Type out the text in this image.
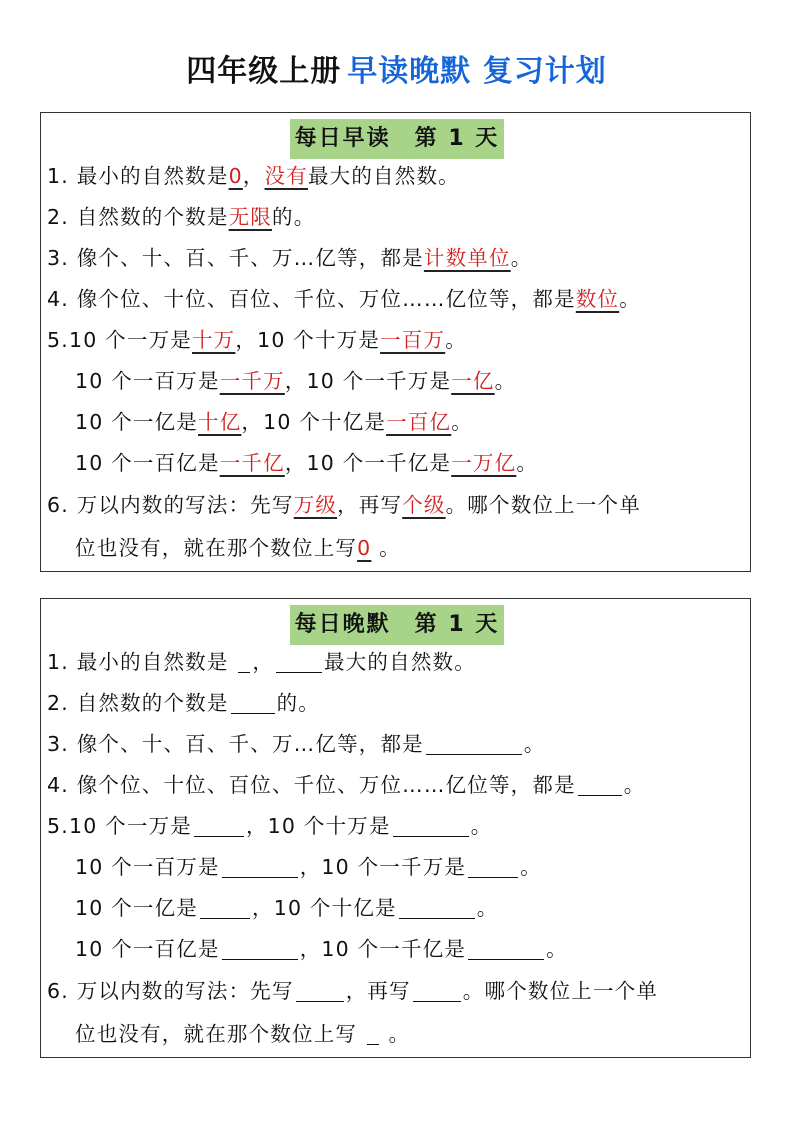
四年级上册 早读晚默 复习计划
每日早读　第 1 天
1. 最小的自然数是0，没有最大的自然数。
2. 自然数的个数是无限的。
3. 像个、十、百、千、万…亿等，都是计数单位。
4. 像个位、十位、百位、千位、万位……亿位等，都是数位。
5.10 个一万是十万，10 个十万是一百万。
10 个一百万是一千万，10 个一千万是一亿。
10 个一亿是十亿，10 个十亿是一百亿。
10 个一百亿是一千亿，10 个一千亿是一万亿。
6. 万以内数的写法：先写万级，再写个级。哪个数位上一个单
位也没有，就在那个数位上写0 。
每日晚默　第 1 天
1. 最小的自然数是 ， 最大的自然数。
2. 自然数的个数是 的。
3. 像个、十、百、千、万…亿等，都是	。
4. 像个位、十位、百位、千位、万位……亿位等，都是 。
5.10 个一万是	，10 个十万是	。
10 个一百万是	，10 个一千万是	。
10 个一亿是	，10 个十亿是	。
10 个一百亿是	，10 个一千亿是	。
6. 万以内数的写法：先写	，再写	。哪个数位上一个单
位也没有，就在那个数位上写 。
